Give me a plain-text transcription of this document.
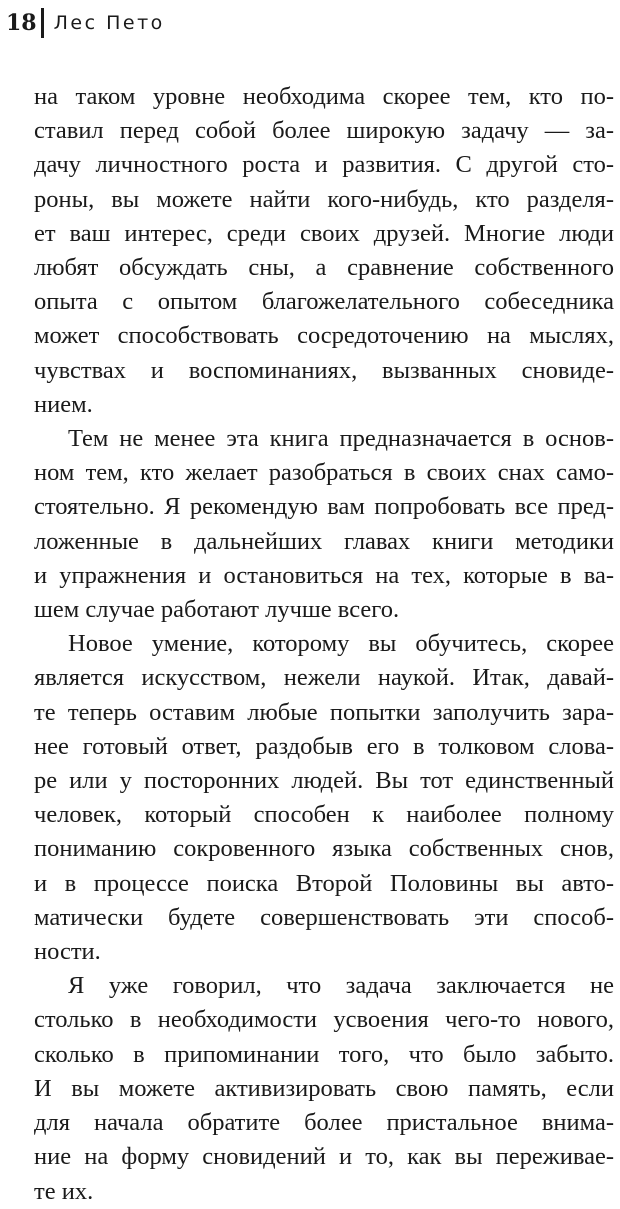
18 Лес Пето
на таком уровне необходима скорее тем, кто по-
ставил перед собой более широкую задачу — за-
дачу личностного роста и развития. С другой сто-
роны, вы можете найти кого-нибудь, кто разделя-
ет ваш интерес, среди своих друзей. Многие люди
любят обсуждать сны, а сравнение собственного
опыта с опытом благожелательного собеседника
может способствовать сосредоточению на мыслях,
чувствах и воспоминаниях, вызванных сновиде-
нием.
Тем не менее эта книга предназначается в основ-
ном тем, кто желает разобраться в своих снах само-
стоятельно. Я рекомендую вам попробовать все пред-
ложенные в дальнейших главах книги методики
и упражнения и остановиться на тех, которые в ва-
шем случае работают лучше всего.
Новое умение, которому вы обучитесь, скорее
является искусством, нежели наукой. Итак, давай-
те теперь оставим любые попытки заполучить зара-
нее готовый ответ, раздобыв его в толковом слова-
ре или у посторонних людей. Вы тот единственный
человек, который способен к наиболее полному
пониманию сокровенного языка собственных снов,
и в процессе поиска Второй Половины вы авто-
матически будете совершенствовать эти способ-
ности.
Я уже говорил, что задача заключается не
столько в необходимости усвоения чего-то нового,
сколько в припоминании того, что было забыто.
И вы можете активизировать свою память, если
для начала обратите более пристальное внима-
ние на форму сновидений и то, как вы переживае-
те их.
